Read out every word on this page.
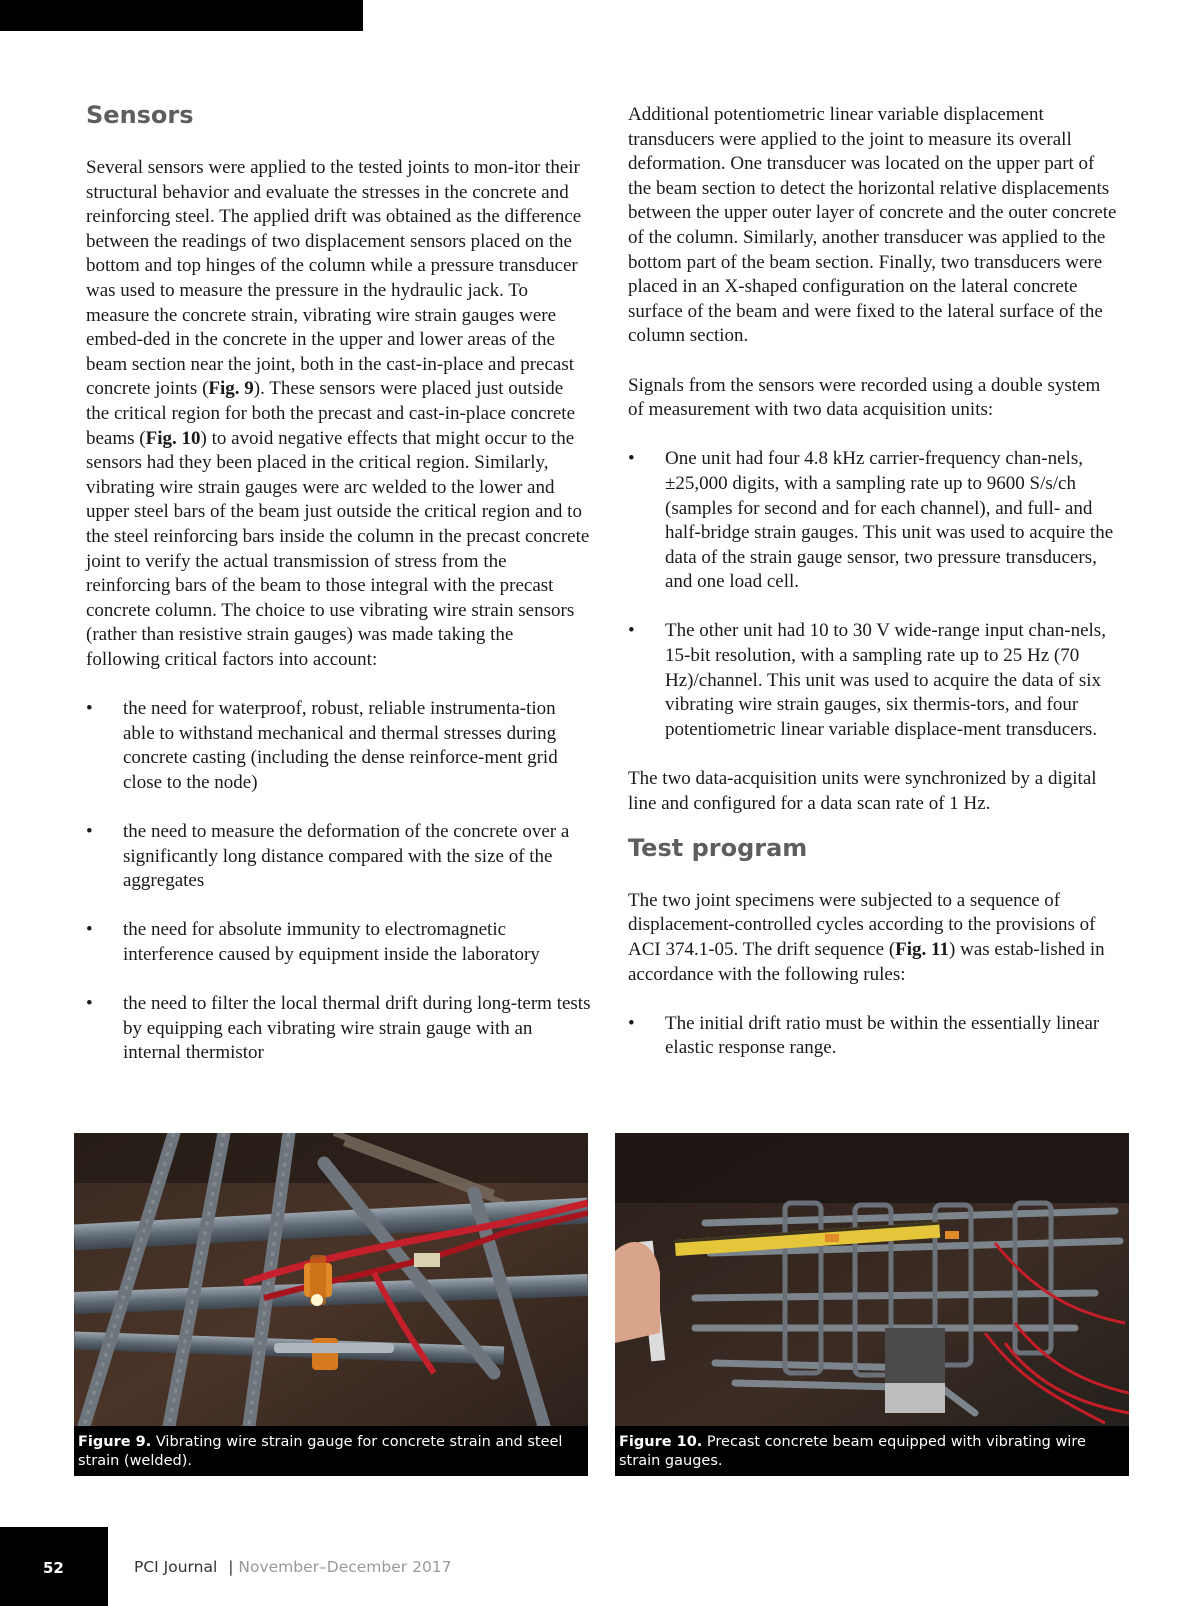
Sensors

Several sensors were applied to the tested joints to mon-itor their structural behavior and evaluate the stresses in the concrete and reinforcing steel. The applied drift was obtained as the difference between the readings of two displacement sensors placed on the bottom and top hinges of the column while a pressure transducer was used to measure the pressure in the hydraulic jack. To measure the concrete strain, vibrating wire strain gauges were embed-ded in the concrete in the upper and lower areas of the beam section near the joint, both in the cast-in-place and precast concrete joints (Fig. 9). These sensors were placed just outside the critical region for both the precast and cast-in-place concrete beams (Fig. 10) to avoid negative effects that might occur to the sensors had they been placed in the critical region. Similarly, vibrating wire strain gauges were arc welded to the lower and upper steel bars of the beam just outside the critical region and to the steel reinforcing bars inside the column in the precast concrete joint to verify the actual transmission of stress from the reinforcing bars of the beam to those integral with the precast concrete column. The choice to use vibrating wire strain sensors (rather than resistive strain gauges) was made taking the following critical factors into account:

• the need for waterproof, robust, reliable instrumenta-tion able to withstand mechanical and thermal stresses during concrete casting (including the dense reinforce-ment grid close to the node)
• the need to measure the deformation of the concrete over a significantly long distance compared with the size of the aggregates
• the need for absolute immunity to electromagnetic interference caused by equipment inside the laboratory
• the need to filter the local thermal drift during long-term tests by equipping each vibrating wire strain gauge with an internal thermistor

Additional potentiometric linear variable displacement transducers were applied to the joint to measure its overall deformation. One transducer was located on the upper part of the beam section to detect the horizontal relative displacements between the upper outer layer of concrete and the outer concrete of the column. Similarly, another transducer was applied to the bottom part of the beam section. Finally, two transducers were placed in an X-shaped configuration on the lateral concrete surface of the beam and were fixed to the lateral surface of the column section.

Signals from the sensors were recorded using a double system of measurement with two data acquisition units:

• One unit had four 4.8 kHz carrier-frequency chan-nels, ±25,000 digits, with a sampling rate up to 9600 S/s/ch (samples for second and for each channel), and full- and half-bridge strain gauges. This unit was used to acquire the data of the strain gauge sensor, two pressure transducers, and one load cell.
• The other unit had 10 to 30 V wide-range input chan-nels, 15-bit resolution, with a sampling rate up to 25 Hz (70 Hz)/channel. This unit was used to acquire the data of six vibrating wire strain gauges, six thermis-tors, and four potentiometric linear variable displace-ment transducers.

The two data-acquisition units were synchronized by a digital line and configured for a data scan rate of 1 Hz.

Test program

The two joint specimens were subjected to a sequence of displacement-controlled cycles according to the provisions of ACI 374.1-05. The drift sequence (Fig. 11) was estab-lished in accordance with the following rules:

• The initial drift ratio must be within the essentially linear elastic response range.
Figure 9. Vibrating wire strain gauge for concrete strain and steel strain (welded).
Figure 10. Precast concrete beam equipped with vibrating wire strain gauges.
52	PCI Journal | November–December 2017
